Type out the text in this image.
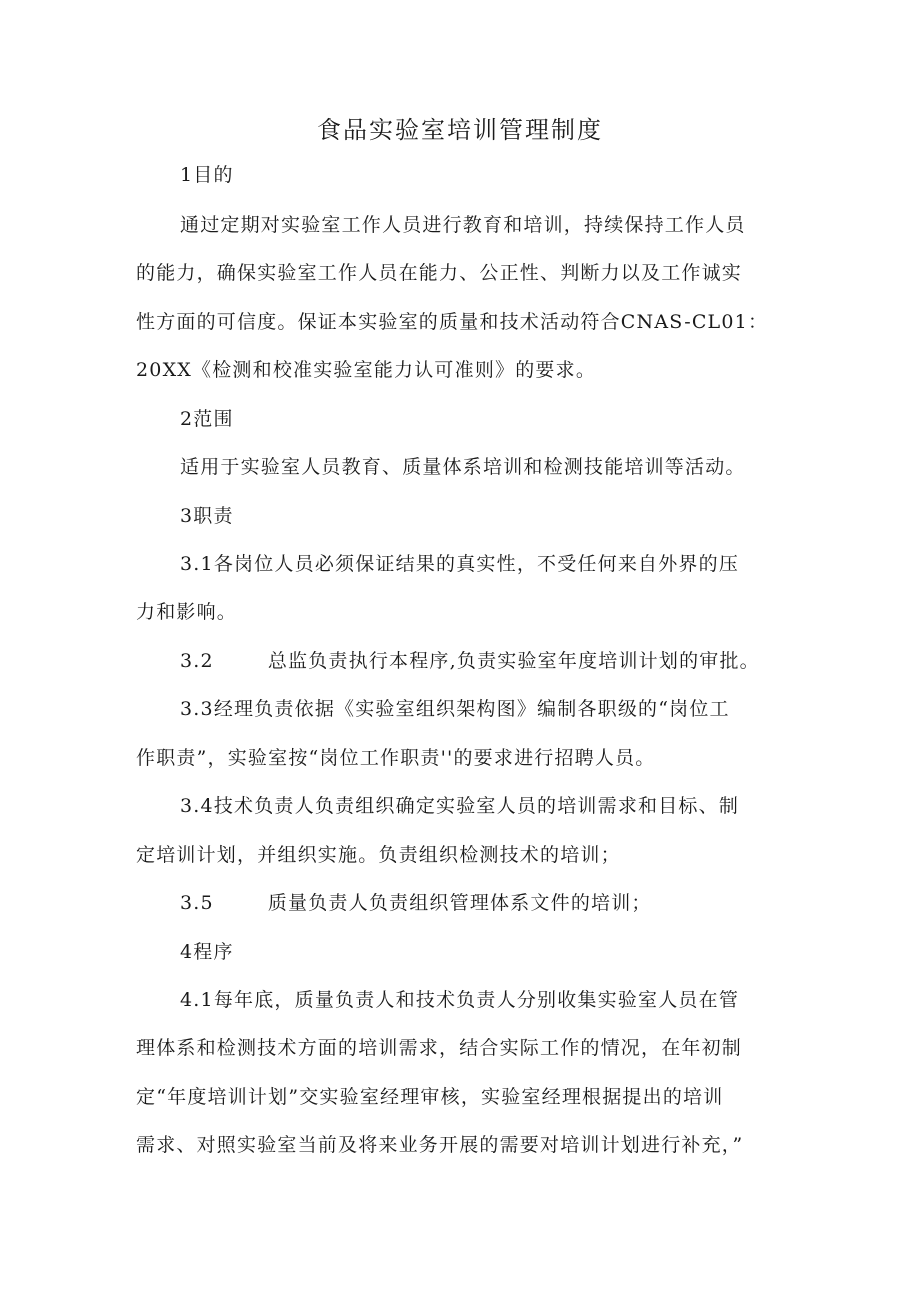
食品实验室培训管理制度
1目的
通过定期对实验室工作人员进行教育和培训，持续保持工作人员
的能力，确保实验室工作人员在能力、公正性、判断力以及工作诚实
性方面的可信度。保证本实验室的质量和技术活动符合CNAS-CL01：
20XX《检测和校准实验室能力认可准则》的要求。
2范围
适用于实验室人员教育、质量体系培训和检测技能培训等活动。
3职责
3.1各岗位人员必须保证结果的真实性，不受任何来自外界的压
力和影响。
3.2	总监负责执行本程序,负责实验室年度培训计划的审批。
3.3经理负责依据《实验室组织架构图》编制各职级的“岗位工
作职责”，实验室按“岗位工作职责''的要求进行招聘人员。
3.4技术负责人负责组织确定实验室人员的培训需求和目标、制
定培训计划，并组织实施。负责组织检测技术的培训；
3.5	质量负责人负责组织管理体系文件的培训；
4程序
4.1每年底，质量负责人和技术负责人分别收集实验室人员在管
理体系和检测技术方面的培训需求，结合实际工作的情况，在年初制
定“年度培训计划”交实验室经理审核，实验室经理根据提出的培训
需求、对照实验室当前及将来业务开展的需要对培训计划进行补充，”
